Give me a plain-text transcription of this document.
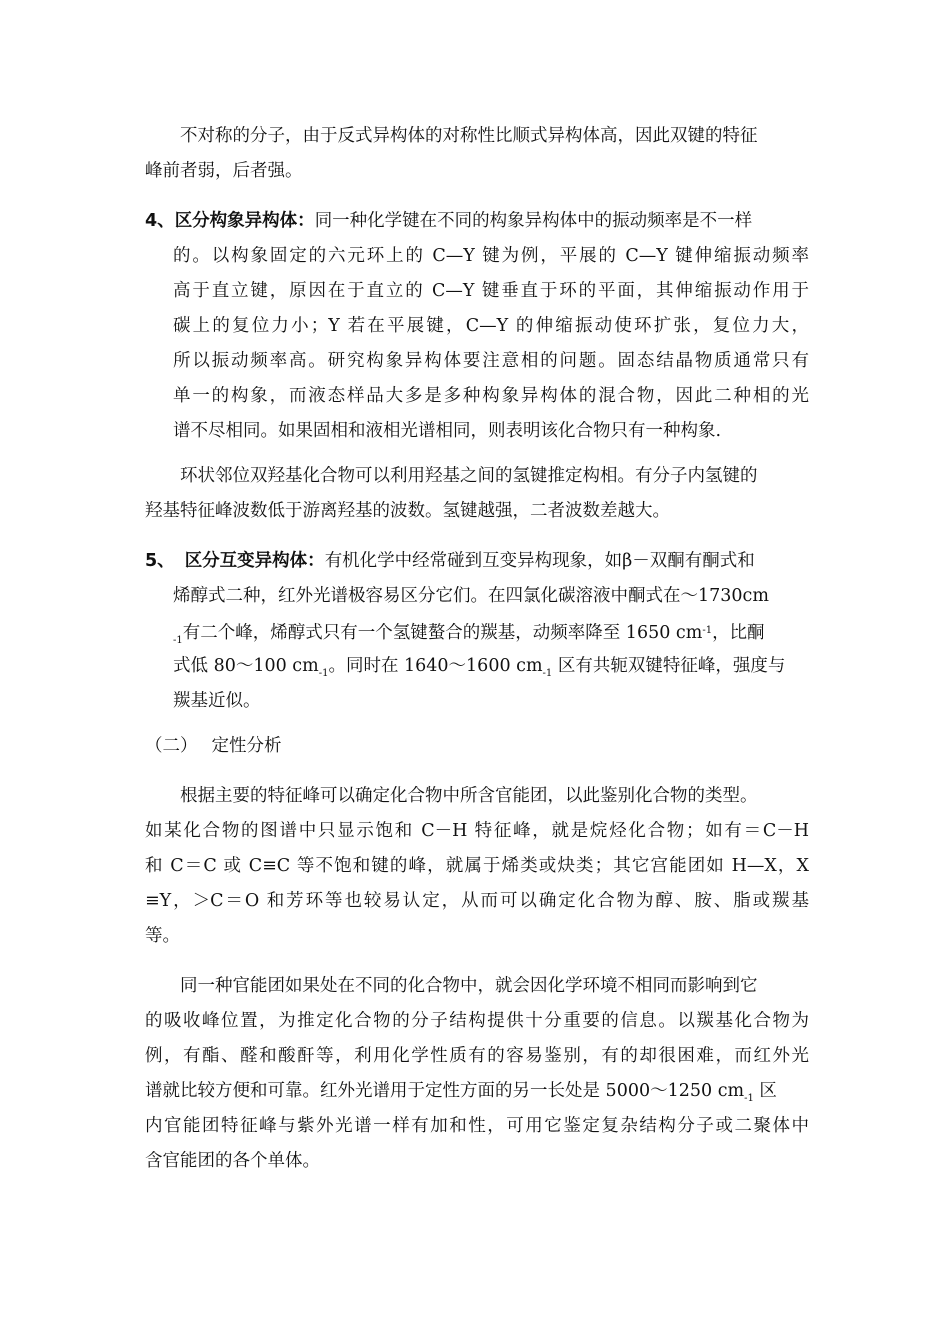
不对称的分子，由于反式异构体的对称性比顺式异构体高，因此双键的特征
峰前者弱，后者强。
4、区分构象异构体：同一种化学键在不同的构象异构体中的振动频率是不一样
的。以构象固定的六元环上的 C—Y 键为例，平展的 C—Y 键伸缩振动频率
高于直立键，原因在于直立的 C—Y 键垂直于环的平面，其伸缩振动作用于
碳上的复位力小；Y 若在平展键，C—Y 的伸缩振动使环扩张，复位力大，
所以振动频率高。研究构象异构体要注意相的问题。固态结晶物质通常只有
单一的构象，而液态样品大多是多种构象异构体的混合物，因此二种相的光
谱不尽相同。如果固相和液相光谱相同，则表明该化合物只有一种构象.
环状邻位双羟基化合物可以利用羟基之间的氢键推定构相。有分子内氢键的
羟基特征峰波数低于游离羟基的波数。氢键越强，二者波数差越大。
5、 区分互变异构体：有机化学中经常碰到互变异构现象，如β－双酮有酮式和
烯醇式二种，红外光谱极容易区分它们。在四氯化碳溶液中酮式在～1730cm
$_{-1}$有二个峰，烯醇式只有一个氢键螯合的羰基，动频率降至 1650 $cm^{-1}$，比酮
式低 80～100 $cm_{-1}$。同时在 1640～1600 $cm_{-1}$ 区有共轭双键特征峰，强度与
羰基近似。
（二） 定性分析
根据主要的特征峰可以确定化合物中所含官能团，以此鉴别化合物的类型。
如某化合物的图谱中只显示饱和 C－H 特征峰，就是烷烃化合物；如有＝C－H
和 C＝C 或 C≡C 等不饱和键的峰，就属于烯类或炔类；其它宫能团如 H—X，X
≡Y，＞C＝O 和芳环等也较易认定，从而可以确定化合物为醇、胺、脂或羰基
等。
同一种官能团如果处在不同的化合物中，就会因化学环境不相同而影响到它
的吸收峰位置，为推定化合物的分子结构提供十分重要的信息。以羰基化合物为
例，有酯、醛和酸酐等，利用化学性质有的容易鉴别，有的却很困难，而红外光
谱就比较方便和可靠。红外光谱用于定性方面的另一长处是 5000～1250 $cm_{-1}$ 区
内官能团特征峰与紫外光谱一样有加和性，可用它鉴定复杂结构分子或二聚体中
含官能团的各个单体。
